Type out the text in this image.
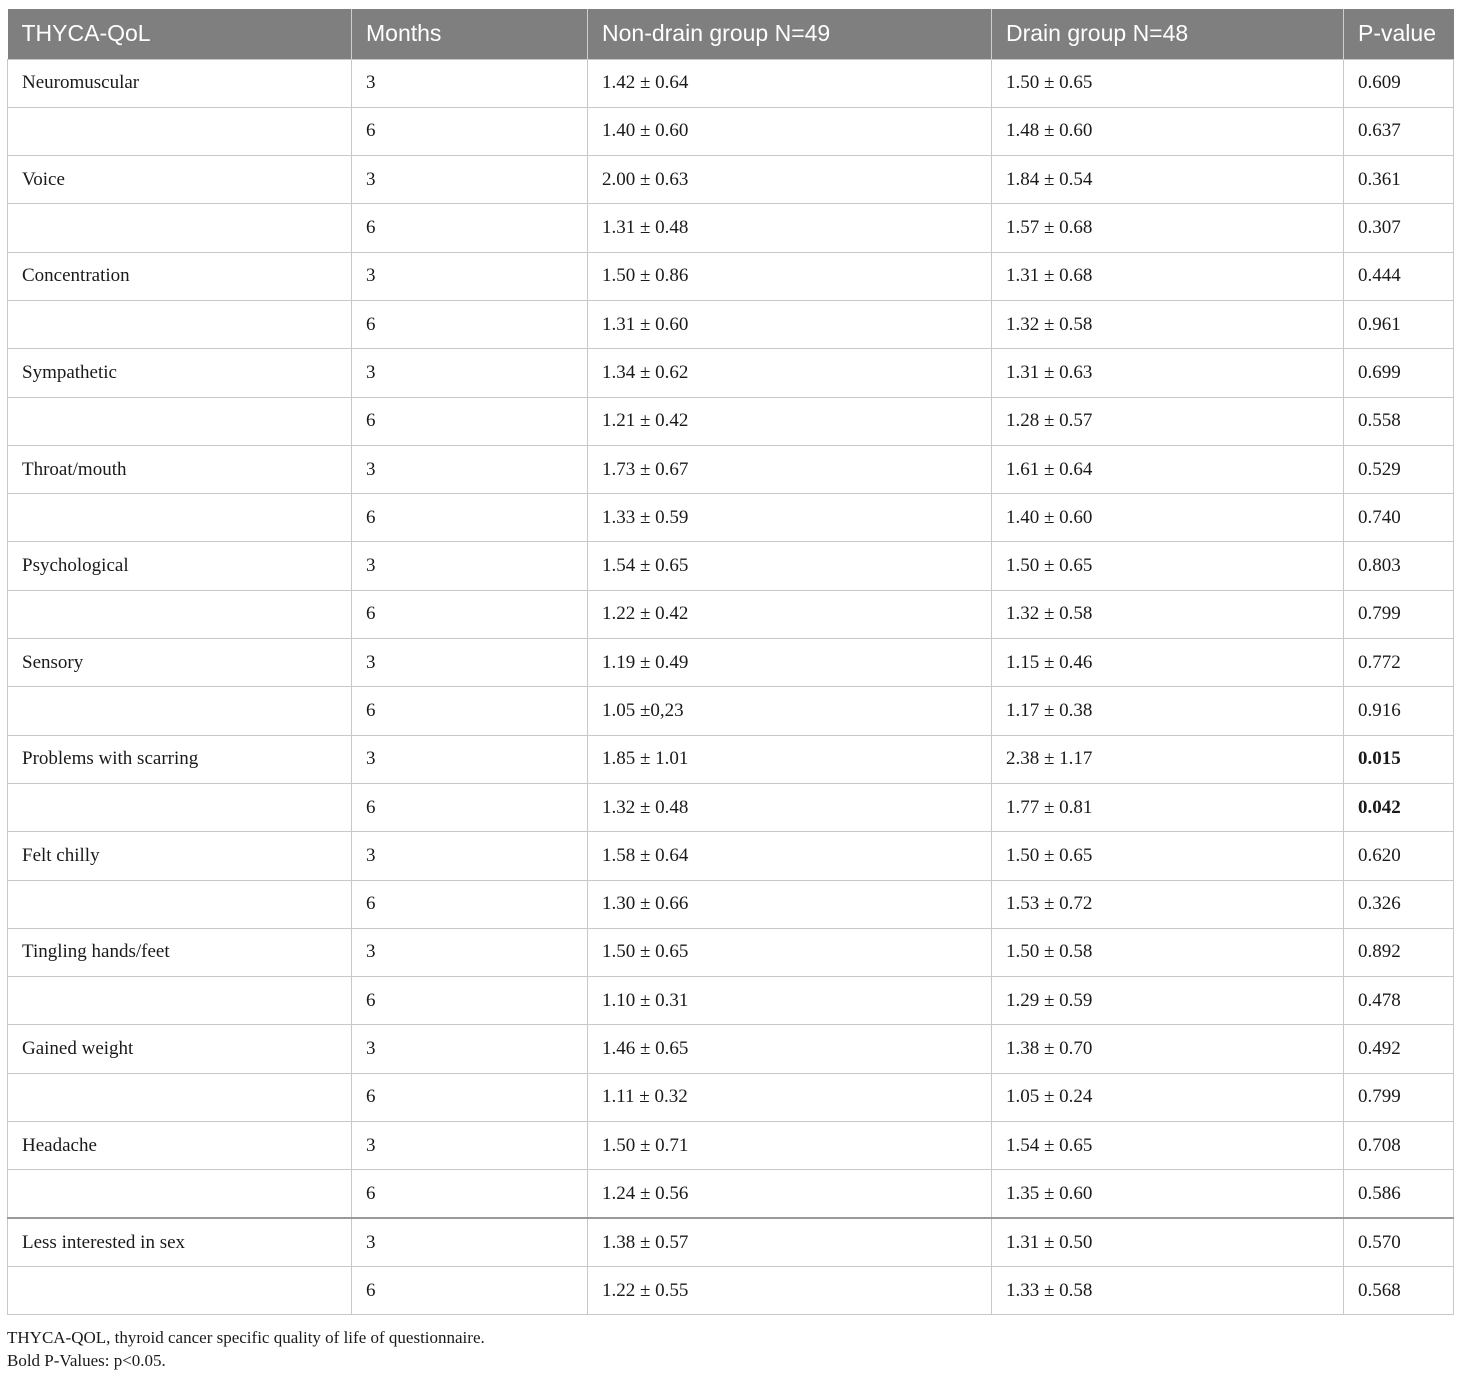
THYCA-QoL	Months	Non-drain group N=49	Drain group N=48	P-value
Neuromuscular	3	1.42 ± 0.64	1.50 ± 0.65	0.609
	6	1.40 ± 0.60	1.48 ± 0.60	0.637
Voice	3	2.00 ± 0.63	1.84 ± 0.54	0.361
	6	1.31 ± 0.48	1.57 ± 0.68	0.307
Concentration	3	1.50 ± 0.86	1.31 ± 0.68	0.444
	6	1.31 ± 0.60	1.32 ± 0.58	0.961
Sympathetic	3	1.34 ± 0.62	1.31 ± 0.63	0.699
	6	1.21 ± 0.42	1.28 ± 0.57	0.558
Throat/mouth	3	1.73 ± 0.67	1.61 ± 0.64	0.529
	6	1.33 ± 0.59	1.40 ± 0.60	0.740
Psychological	3	1.54 ± 0.65	1.50 ± 0.65	0.803
	6	1.22 ± 0.42	1.32 ± 0.58	0.799
Sensory	3	1.19 ± 0.49	1.15 ± 0.46	0.772
	6	1.05 ±0,23	1.17 ± 0.38	0.916
Problems with scarring	3	1.85 ± 1.01	2.38 ± 1.17	0.015
	6	1.32 ± 0.48	1.77 ± 0.81	0.042
Felt chilly	3	1.58 ± 0.64	1.50 ± 0.65	0.620
	6	1.30 ± 0.66	1.53 ± 0.72	0.326
Tingling hands/feet	3	1.50 ± 0.65	1.50 ± 0.58	0.892
	6	1.10 ± 0.31	1.29 ± 0.59	0.478
Gained weight	3	1.46 ± 0.65	1.38 ± 0.70	0.492
	6	1.11 ± 0.32	1.05 ± 0.24	0.799
Headache	3	1.50 ± 0.71	1.54 ± 0.65	0.708
	6	1.24 ± 0.56	1.35 ± 0.60	0.586
Less interested in sex	3	1.38 ± 0.57	1.31 ± 0.50	0.570
	6	1.22 ± 0.55	1.33 ± 0.58	0.568
THYCA-QOL, thyroid cancer specific quality of life of questionnaire.
Bold P-Values: p<0.05.
